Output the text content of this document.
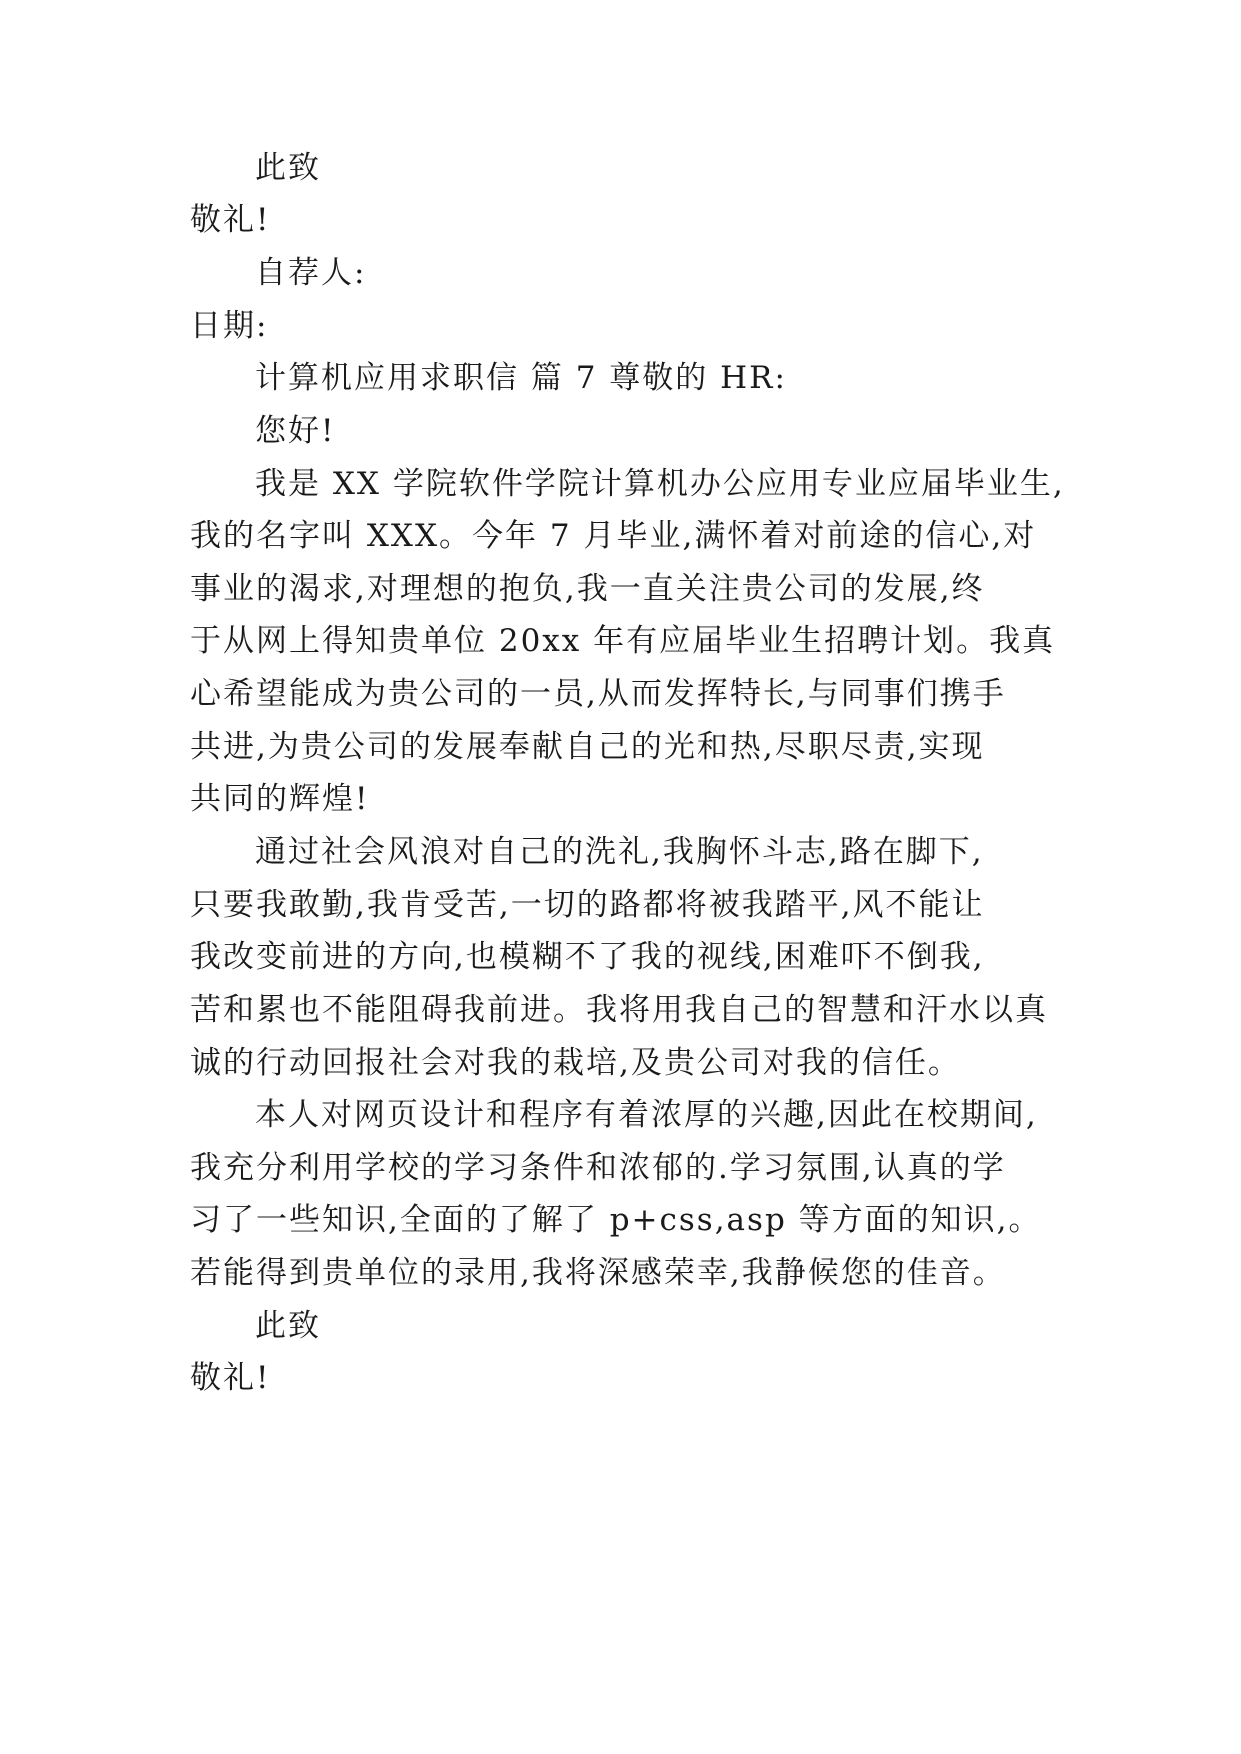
此致
敬礼!
自荐人:
日期:
计算机应用求职信 篇 7 尊敬的 HR:
您好!
我是 XX 学院软件学院计算机办公应用专业应届毕业生,
我的名字叫 XXX。今年 7 月毕业,满怀着对前途的信心,对
事业的渴求,对理想的抱负,我一直关注贵公司的发展,终
于从网上得知贵单位 20xx 年有应届毕业生招聘计划。我真
心希望能成为贵公司的一员,从而发挥特长,与同事们携手
共进,为贵公司的发展奉献自己的光和热,尽职尽责,实现
共同的辉煌!
通过社会风浪对自己的洗礼,我胸怀斗志,路在脚下,
只要我敢勤,我肯受苦,一切的路都将被我踏平,风不能让
我改变前进的方向,也模糊不了我的视线,困难吓不倒我,
苦和累也不能阻碍我前进。我将用我自己的智慧和汗水以真
诚的行动回报社会对我的栽培,及贵公司对我的信任。
本人对网页设计和程序有着浓厚的兴趣,因此在校期间,
我充分利用学校的学习条件和浓郁的.学习氛围,认真的学
习了一些知识,全面的了解了 p+css,asp 等方面的知识,。
若能得到贵单位的录用,我将深感荣幸,我静候您的佳音。
此致
敬礼!
